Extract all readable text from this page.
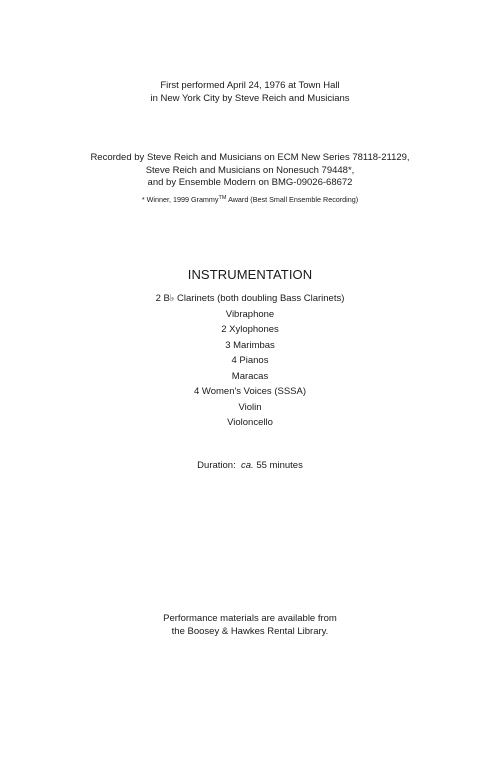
First performed April 24, 1976 at Town Hall
in New York City by Steve Reich and Musicians
Recorded by Steve Reich and Musicians on ECM New Series 78118-21129,
Steve Reich and Musicians on Nonesuch 79448*,
and by Ensemble Modern on BMG-09026-68672
* Winner, 1999 Grammy™ Award (Best Small Ensemble Recording)
INSTRUMENTATION
2 B♭ Clarinets (both doubling Bass Clarinets)
Vibraphone
2 Xylophones
3 Marimbas
4 Pianos
Maracas
4 Women's Voices (SSSA)
Violin
Violoncello
Duration: ca. 55 minutes
Performance materials are available from
the Boosey & Hawkes Rental Library.
